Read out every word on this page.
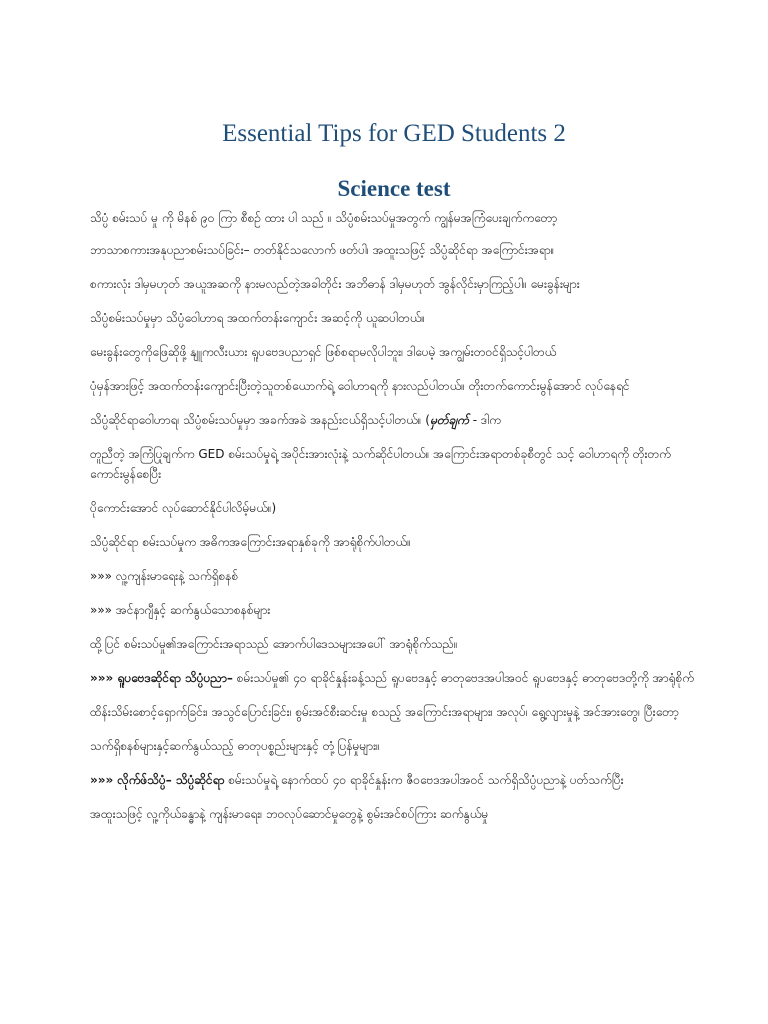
Essential Tips for GED Students 2
Science test

သိပ္ပံ စမ်းသပ် မှု ကို မိနစ် ၉၀ ကြာ စီစဉ် ထား ပါ သည် ။ သိပ္ပံစမ်းသပ်မှုအတွက် ကျွန်မအကြံပေးချက်ကတော့

ဘာသာစကားအနုပညာစမ်းသပ်ခြင်း– တတ်နိုင်သလောက် ဖတ်ပါ၊ အထူးသဖြင့် သိပ္ပံဆိုင်ရာ အကြောင်းအရာ။

စကားလုံး ဒါမှမဟုတ် အယူအဆကို နားမလည်တဲ့အခါတိုင်း အဘိဓာန် ဒါမှမဟုတ် အွန်လိုင်းမှာကြည့်ပါ။ မေးခွန်းများ

သိပ္ပံစမ်းသပ်မှုမှာ သိပ္ပံဝေါဟာရ အထက်တန်းကျောင်း အဆင့်ကို ယူဆပါတယ်။

မေးခွန်းတွေကိုဖြေဆိုဖို့ နျူကလီးယား ရူပဗေဒပညာရှင် ဖြစ်စရာမလိုပါဘူး၊ ဒါပေမဲ့ အကျွမ်းတဝင်ရှိသင့်ပါတယ်

ပုံမှန်အားဖြင့် အထက်တန်းကျောင်းပြီးတဲ့သူတစ်ယောက်ရဲ့ ဝေါဟာရကို နားလည်ပါတယ်။ တိုးတက်ကောင်းမွန်အောင် လုပ်နေရင်

သိပ္ပံဆိုင်ရာဝေါဟာရ၊ သိပ္ပံစမ်းသပ်မှုမှာ အခက်အခဲ အနည်းငယ်ရှိသင့်ပါတယ်။ (မှတ်ချက် - ဒါက

တူညီတဲ့ အကြံပြုချက်က GED စမ်းသပ်မှုရဲ့ အပိုင်းအားလုံးနဲ့ သက်ဆိုင်ပါတယ်။ အကြောင်းအရာတစ်ခုစီတွင် သင့် ဝေါဟာရကို တိုးတက်ကောင်းမွန်စေပြီး

ပိုကောင်းအောင် လုပ်ဆောင်နိုင်ပါလိမ့်မယ်။)

သိပ္ပံဆိုင်ရာ စမ်းသပ်မှုက အဓိကအကြောင်းအရာနှစ်ခုကို အာရုံစိုက်ပါတယ်။

»»» လူ့ကျန်းမာရေးနဲ့ သက်ရှိစနစ်

»»» အင်နာဂျီနှင့် ဆက်နွယ်သောစနစ်များ

ထို့ပြင် စမ်းသပ်မှု၏အကြောင်းအရာသည် အောက်ပါဒေသများအပေါ် အာရုံစိုက်သည်။

»»» ရူပဗေဒဆိုင်ရာ သိပ္ပံပညာ– စမ်းသပ်မှု၏ ၄၀ ရာခိုင်နှုန်းခန့်သည် ရူပဗေဒနှင့် ဓာတုဗေဒအပါအဝင် ရူပဗေဒနှင့် ဓာတုဗေဒတို့ကို အာရုံစိုက်

ထိန်းသိမ်းစောင့်ရှောက်ခြင်း၊ အသွင်ပြောင်းခြင်း၊ စွမ်းအင်စီးဆင်းမှု စသည့် အကြောင်းအရာများ၊ အလုပ်၊ ရွေ့လျားမှုနဲ့ အင်အားတွေ၊ ပြီးတော့

သက်ရှိစနစ်များနှင့်ဆက်နွယ်သည့် ဓာတုပစ္စည်းများနှင့် တုံ့ပြန်မှုများ။

»»» လိုက်ဖ်သိပ္ပံ– သိပ္ပံဆိုင်ရာ စမ်းသပ်မှုရဲ့ နောက်ထပ် ၄၀ ရာခိုင်နှုန်းက ဇီဝဗေဒအပါအဝင် သက်ရှိသိပ္ပံပညာနဲ့ ပတ်သက်ပြီး

အထူးသဖြင့် လူ့ကိုယ်ခန္ဓာနဲ့ ကျန်းမာရေး၊ ဘဝလုပ်ဆောင်မှုတွေနဲ့ စွမ်းအင်စပ်ကြား ဆက်နွယ်မှု
